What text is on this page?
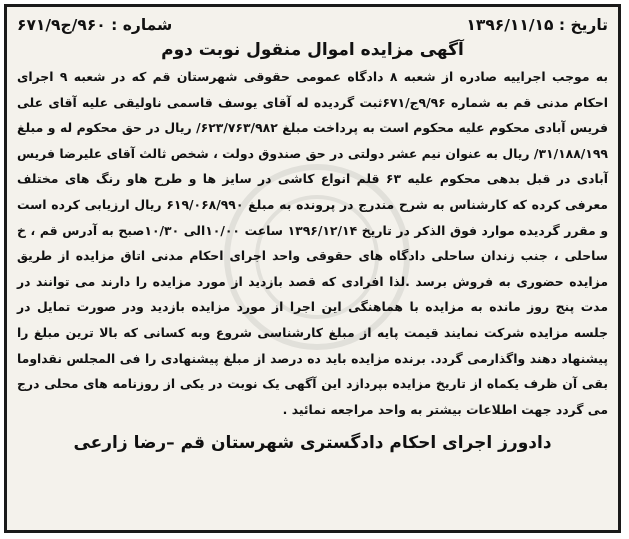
تاریخ : ۱۳۹۶/۱۱/۱۵
شماره : ۹۶۰/ج۶۷۱/۹
آگهی مزایده اموال منقول نوبت دوم

به موجب اجراییه صادره از شعبه ۸ دادگاه عمومی حقوقی شهرستان قم که در شعبه ۹ اجرای احکام مدنی قم به شماره ۹/۹۶ج/۶۷۱ثبت گردیده له آقای یوسف قاسمی ناولیقی علیه آقای علی فریس آبادی محکوم علیه محکوم است به پرداخت مبلغ ۶۲۳/۷۶۳/۹۸۲/ ریال در حق محکوم له و مبلغ ۳۱/۱۸۸/۱۹۹/ ریال به عنوان نیم عشر دولتی در حق صندوق دولت ، شخص ثالث آقای علیرضا فریس آبادی در قبل بدهی محکوم علیه ۶۳ قلم انواع کاشی در سایز ها و طرح هاو رنگ های مختلف معرفی کرده که کارشناس به شرح مندرج در پرونده به مبلغ ۶۱۹/۰۶۸/۹۹۰ ریال ارزیابی کرده است و مقرر گردیده موارد فوق الذکر در تاریخ ۱۳۹۶/۱۲/۱۴ ساعت ۱۰/۰۰الی ۱۰/۳۰صبح به آدرس قم ، خ ساحلی ، جنب زندان ساحلی دادگاه های حقوقی واحد اجرای احکام مدنی اتاق مزایده از طریق مزایده حضوری به فروش برسد .لذا افرادی که قصد بازدید از مورد مزایده را دارند می توانند در مدت پنج روز مانده به مزایده با هماهنگی این اجرا از مورد مزایده بازدید ودر صورت تمایل در جلسه مزایده شرکت نمایند قیمت پایه از مبلغ کارشناسی شروع وبه کسانی که بالا ترین مبلغ را پیشنهاد دهند واگذارمی گردد. برنده مزایده باید ده درصد از مبلغ پیشنهادی را فی المجلس نقداوما بقی آن ظرف یکماه از تاریخ مزایده بپردازد این آگهی یک نوبت در یکی از روزنامه های محلی درج می گردد جهت اطلاعات بیشتر به واحد مراجعه نمائید .

دادورز اجرای احکام دادگستری شهرستان قم –رضا زارعی
